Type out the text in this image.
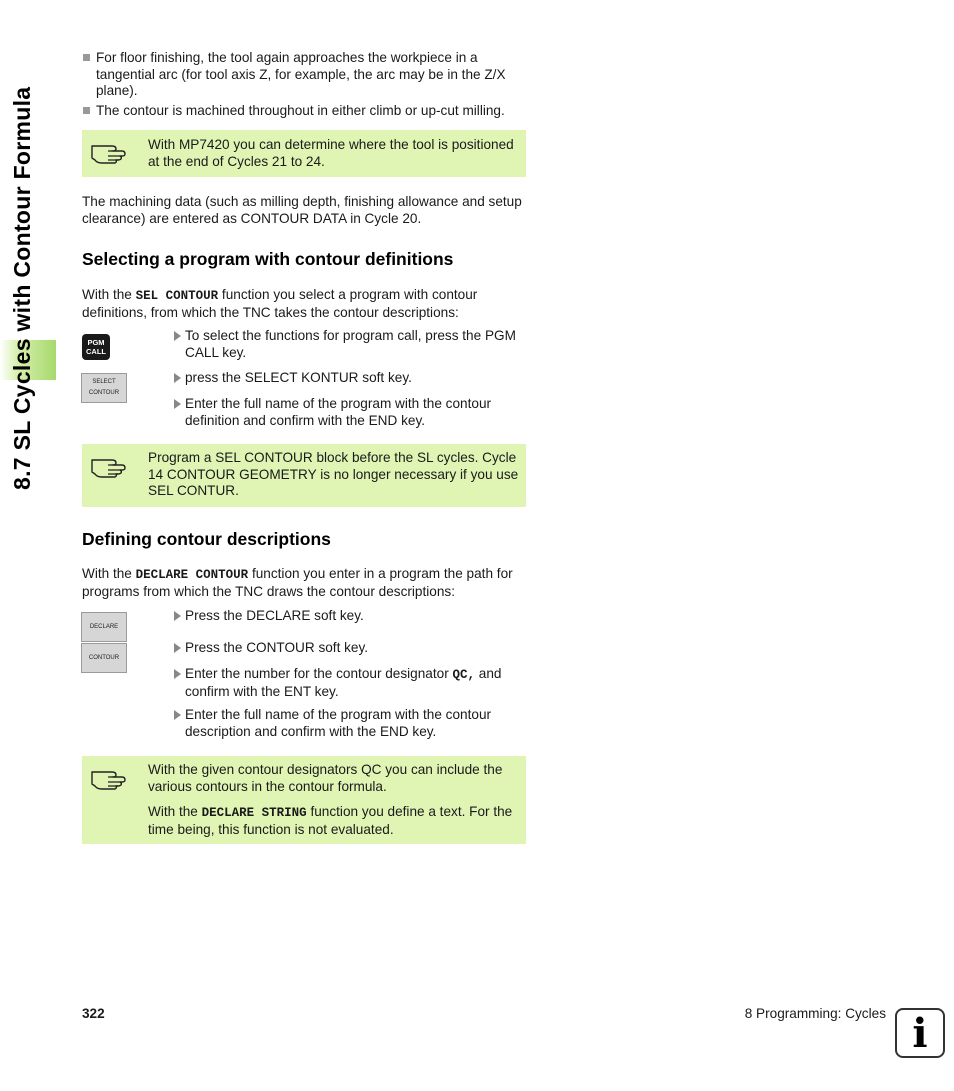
8.7 SL Cycles with Contour Formula
For floor finishing, the tool again approaches the workpiece in a tangential arc (for tool axis Z, for example, the arc may be in the Z/X plane).
The contour is machined throughout in either climb or up-cut milling.
With MP7420 you can determine where the tool is positioned at the end of Cycles 21 to 24.
The machining data (such as milling depth, finishing allowance and setup clearance) are entered as CONTOUR DATA in Cycle 20.
Selecting a program with contour definitions
With the SEL CONTOUR function you select a program with contour definitions, from which the TNC takes the contour descriptions:
PGM
CALL
SELECT
CONTOUR
To select the functions for program call, press the PGM CALL key.
press the SELECT KONTUR soft key.
Enter the full name of the program with the contour definition and confirm with the END key.
Program a SEL CONTOUR block before the SL cycles. Cycle 14 CONTOUR GEOMETRY is no longer necessary if you use SEL CONTUR.
Defining contour descriptions
With the DECLARE CONTOUR function you enter in a program the path for programs from which the TNC draws the contour descriptions:
DECLARE
CONTOUR
Press the DECLARE soft key.
Press the CONTOUR soft key.
Enter the number for the contour designator QC, and confirm with the ENT key.
Enter the full name of the program with the contour description and confirm with the END key.
With the given contour designators QC you can include the various contours in the contour formula.
With the DECLARE STRING function you define a text. For the time being, this function is not evaluated.
322	8 Programming: Cycles i
